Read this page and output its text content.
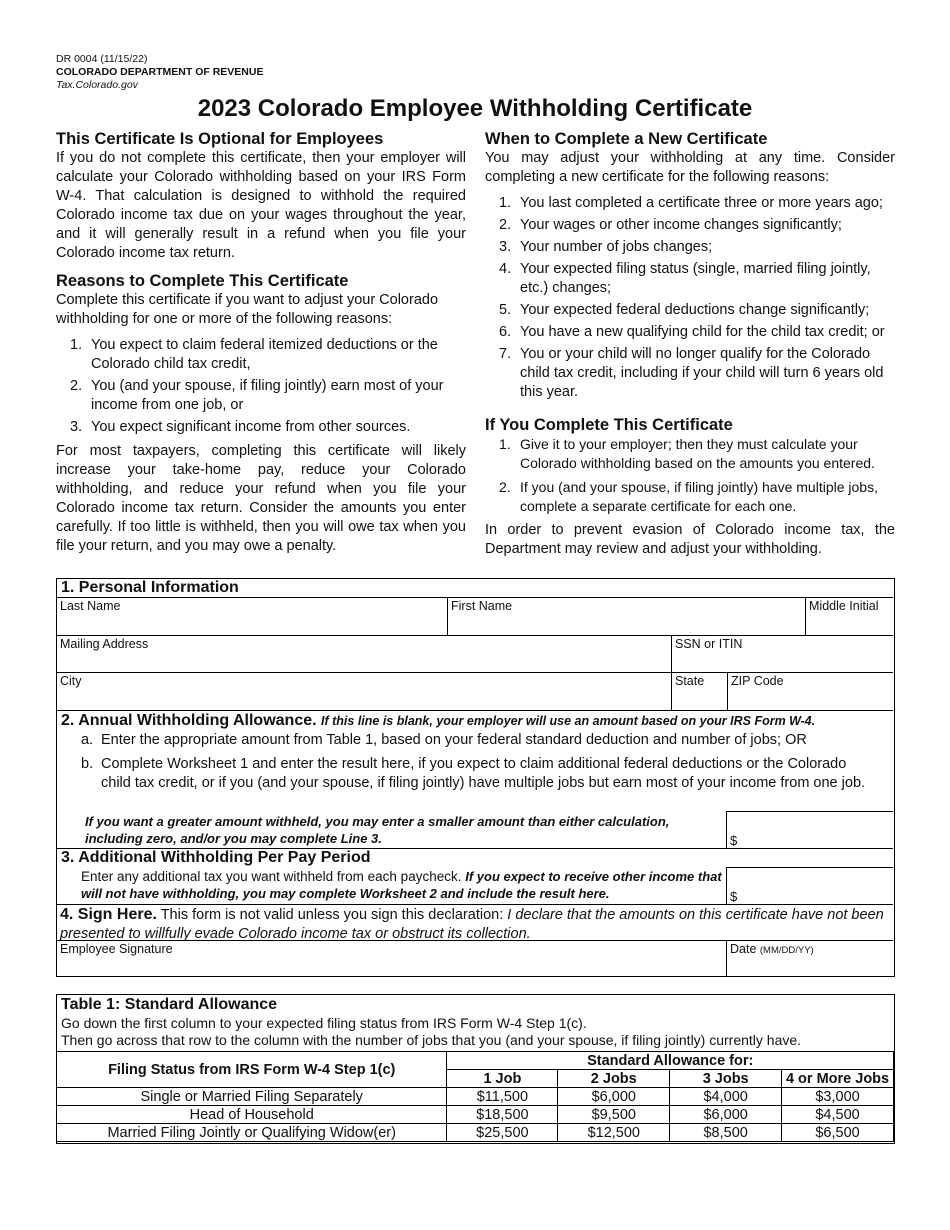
DR 0004 (11/15/22)
COLORADO DEPARTMENT OF REVENUE
Tax.Colorado.gov
2023 Colorado Employee Withholding Certificate
This Certificate Is Optional for Employees

If you do not complete this certificate, then your employer will calculate your Colorado withholding based on your IRS Form W-4. That calculation is designed to withhold the required Colorado income tax due on your wages throughout the year, and it will generally result in a refund when you file your Colorado income tax return.

Reasons to Complete This Certificate

Complete this certificate if you want to adjust your Colorado withholding for one or more of the following reasons:

1. You expect to claim federal itemized deductions or the Colorado child tax credit,
2. You (and your spouse, if filing jointly) earn most of your income from one job, or
3. You expect significant income from other sources.

For most taxpayers, completing this certificate will likely increase your take-home pay, reduce your Colorado withholding, and reduce your refund when you file your Colorado income tax return. Consider the amounts you enter carefully. If too little is withheld, then you will owe tax when you file your return, and you may owe a penalty.

When to Complete a New Certificate

You may adjust your withholding at any time. Consider completing a new certificate for the following reasons:

1. You last completed a certificate three or more years ago;
2. Your wages or other income changes significantly;
3. Your number of jobs changes;
4. Your expected filing status (single, married filing jointly, etc.) changes;
5. Your expected federal deductions change significantly;
6. You have a new qualifying child for the child tax credit; or
7. You or your child will no longer qualify for the Colorado child tax credit, including if your child will turn 6 years old this year.
If You Complete This Certificate
1. Give it to your employer; then they must calculate your Colorado withholding based on the amounts you entered.
2. If you (and your spouse, if filing jointly) have multiple jobs, complete a separate certificate for each one.

In order to prevent evasion of Colorado income tax, the Department may review and adjust your withholding.

1. Personal Information
Last Name	First Name	Middle Initial
Mailing Address	SSN or ITIN
City	State	ZIP Code
2. Annual Withholding Allowance. If this line is blank, your employer will use an amount based on your IRS Form W-4.
a. Enter the appropriate amount from Table 1, based on your federal standard deduction and number of jobs; OR
b. Complete Worksheet 1 and enter the result here, if you expect to claim additional federal deductions or the Colorado child tax credit, or if you (and your spouse, if filing jointly) have multiple jobs but earn most of your income from one job.
If you want a greater amount withheld, you may enter a smaller amount than either calculation, including zero, and/or you may complete Line 3.	$
3. Additional Withholding Per Pay Period
Enter any additional tax you want withheld from each paycheck. If you expect to receive other income that will not have withholding, you may complete Worksheet 2 and include the result here.	$
4. Sign Here. This form is not valid unless you sign this declaration: I declare that the amounts on this certificate have not been presented to willfully evade Colorado income tax or obstruct its collection.
Employee Signature	Date (MM/DD/YY)
Table 1: Standard Allowance
Go down the first column to your expected filing status from IRS Form W-4 Step 1(c).
Then go across that row to the column with the number of jobs that you (and your spouse, if filing jointly) currently have.
Filing Status from IRS Form W-4 Step 1(c)	Standard Allowance for:			
	1 Job	2 Jobs	3 Jobs	4 or More Jobs
Single or Married Filing Separately	$11,500	$6,000	$4,000	$3,000
Head of Household	$18,500	$9,500	$6,000	$4,500
Married Filing Jointly or Qualifying Widow(er)	$25,500	$12,500	$8,500	$6,500
